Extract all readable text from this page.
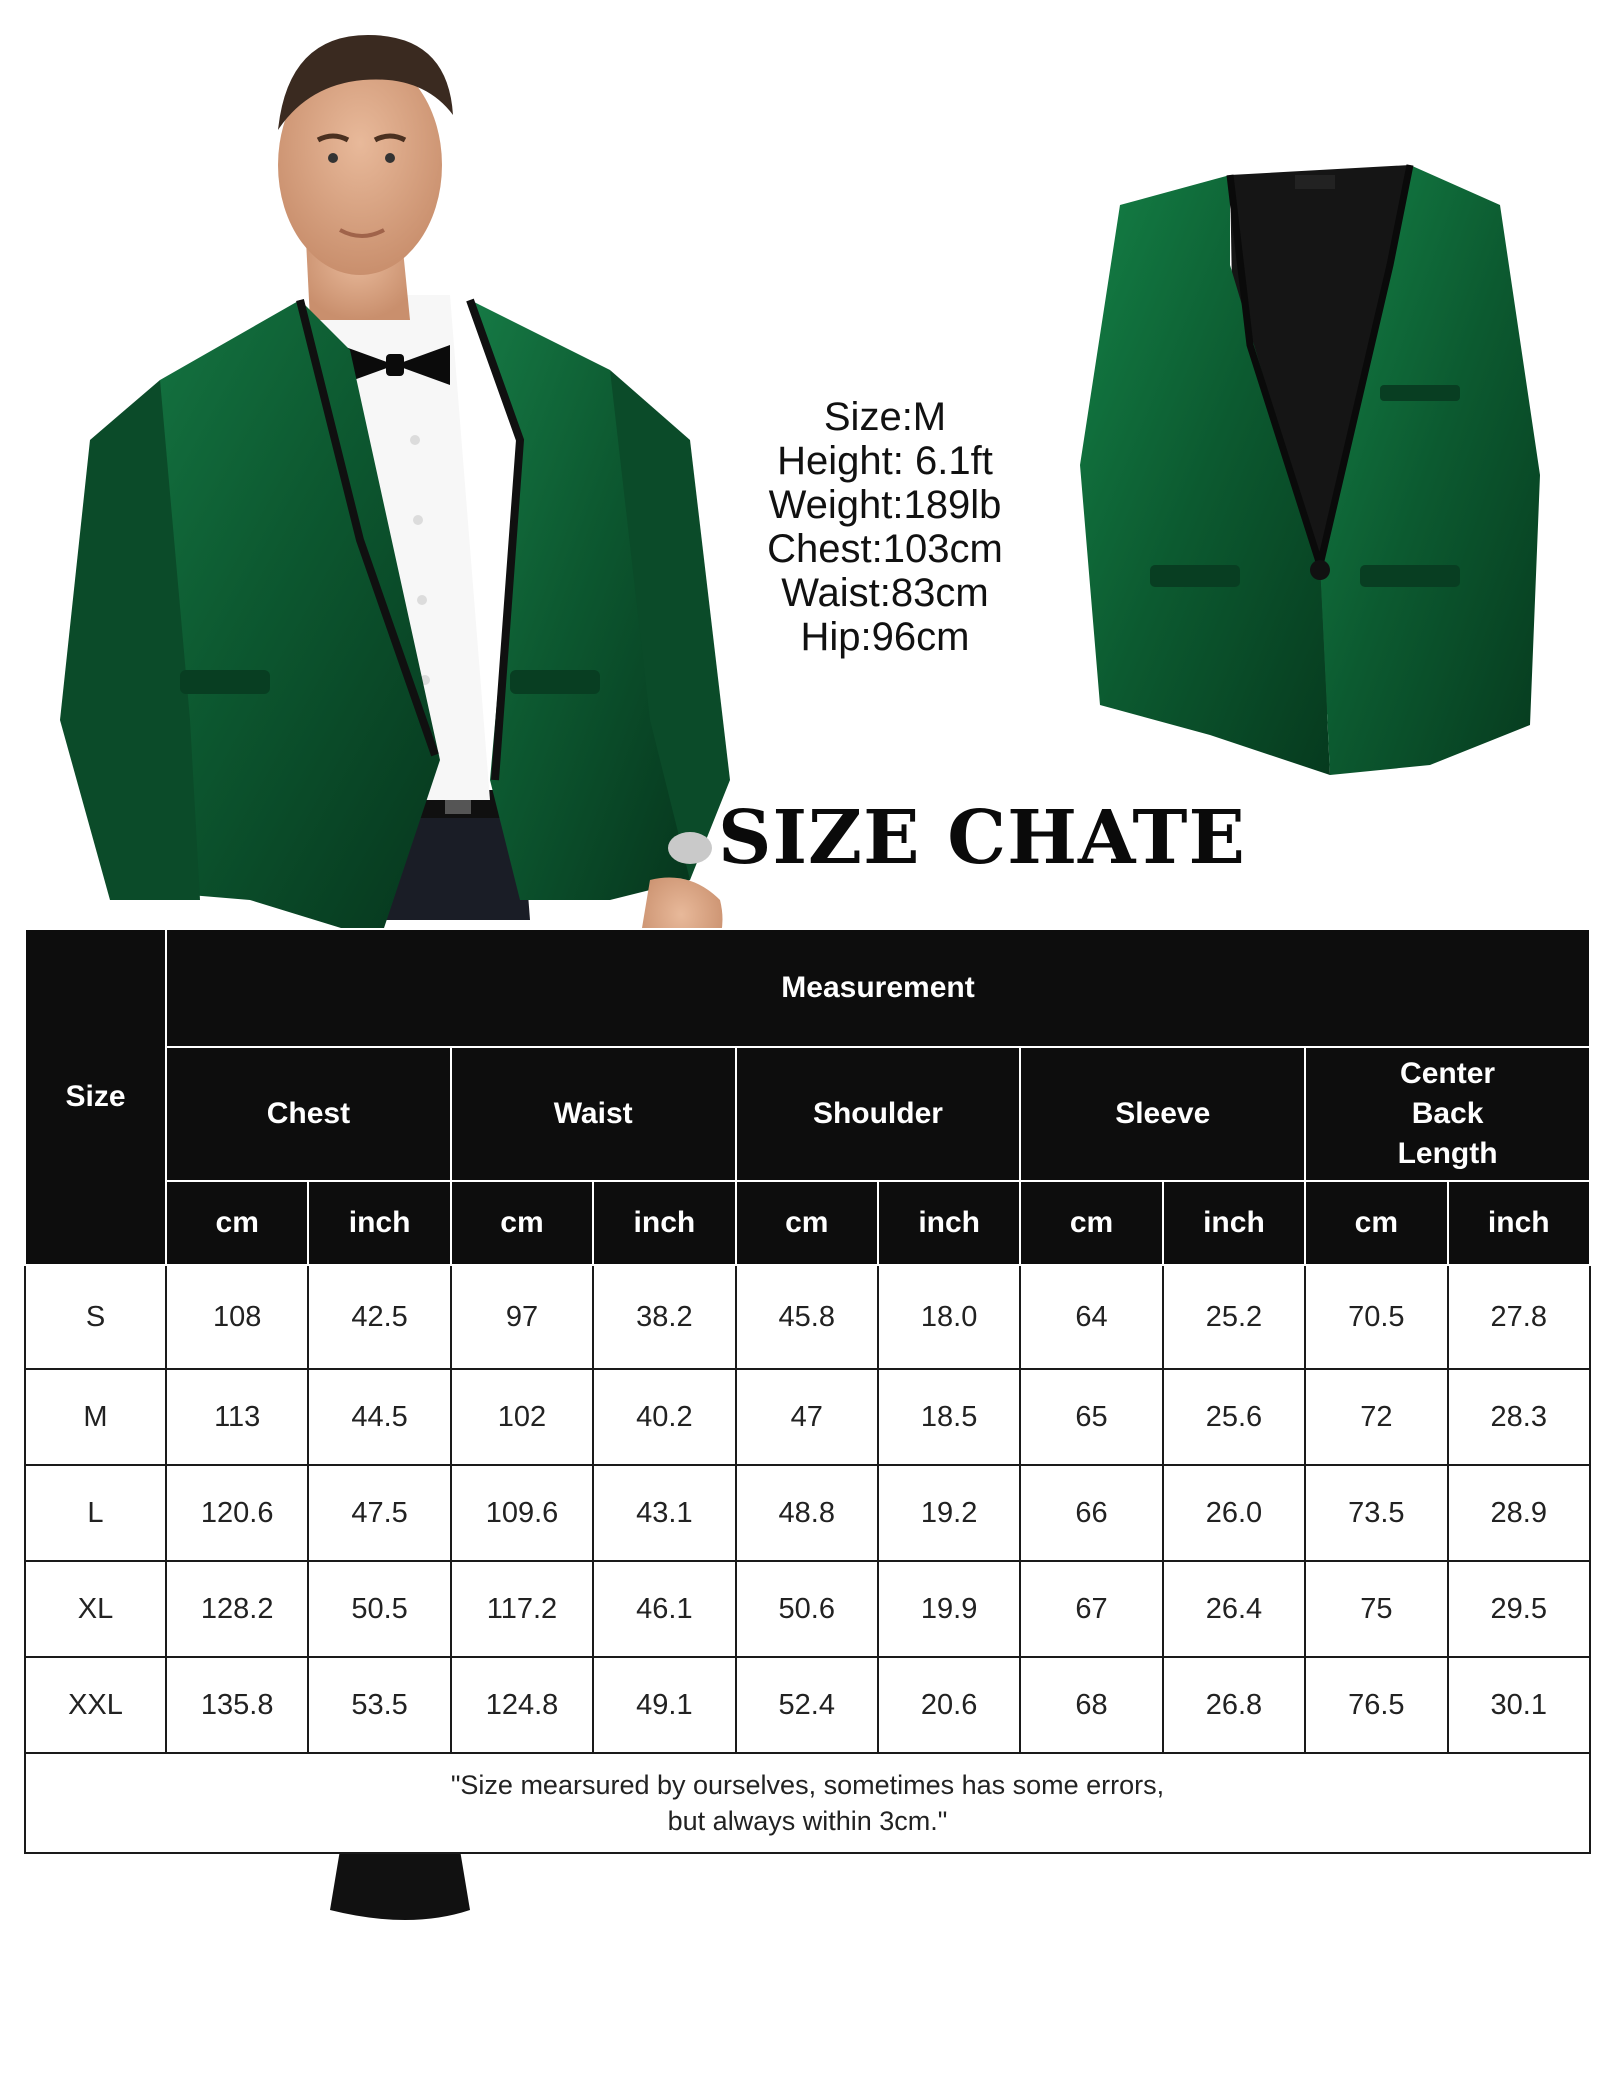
Size:M
Height: 6.1ft
Weight:189lb
Chest:103cm
Waist:83cm
Hip:96cm
SIZE CHATE
Size	Measurement									
	Chest		Waist		Shoulder		Sleeve		Center Back Length	
	cm	inch	cm	inch	cm	inch	cm	inch	cm	inch
S	108	42.5	97	38.2	45.8	18.0	64	25.2	70.5	27.8
M	113	44.5	102	40.2	47	18.5	65	25.6	72	28.3
L	120.6	47.5	109.6	43.1	48.8	19.2	66	26.0	73.5	28.9
XL	128.2	50.5	117.2	46.1	50.6	19.9	67	26.4	75	29.5
XXL	135.8	53.5	124.8	49.1	52.4	20.6	68	26.8	76.5	30.1

"Size mearsured by ourselves, sometimes has some errors,
but always within 3cm."										
